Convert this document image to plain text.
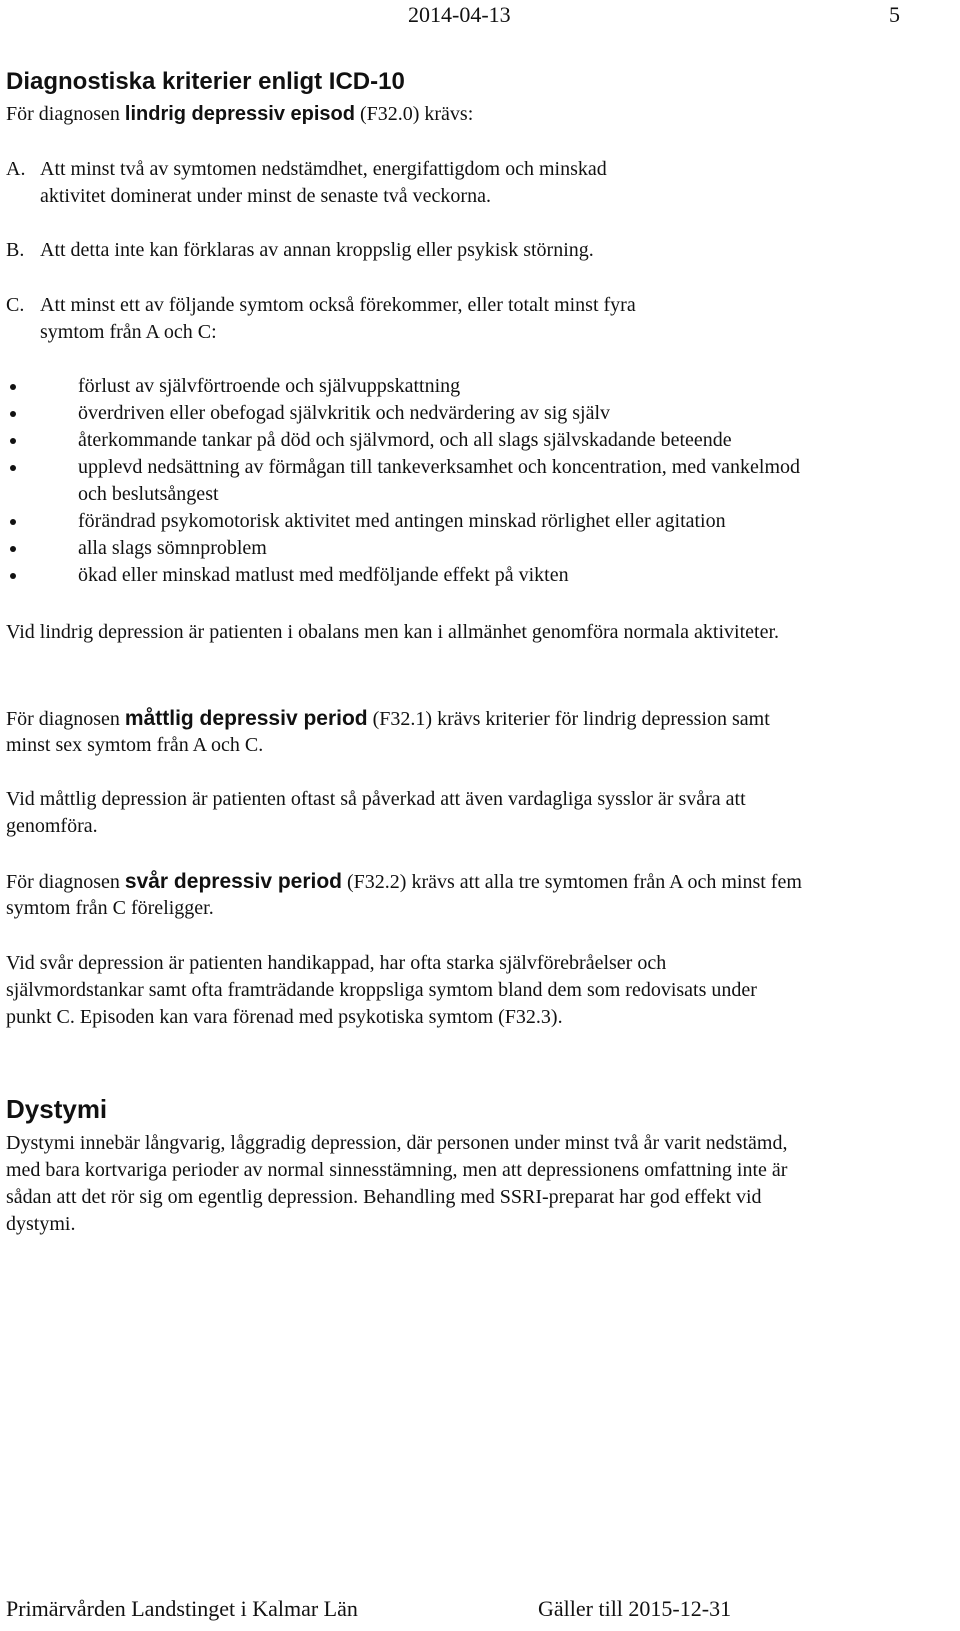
2014-04-13	5
Diagnostiska kriterier enligt ICD-10
För diagnosen lindrig depressiv episod (F32.0) krävs:
A. Att minst två av symtomen nedstämdhet, energifattigdom och minskad
aktivitet dominerat under minst de senaste två veckorna.
B. Att detta inte kan förklaras av annan kroppslig eller psykisk störning.
C. Att minst ett av följande symtom också förekommer, eller totalt minst fyra
symtom från A och C:
förlust av självförtroende och självuppskattning
överdriven eller obefogad självkritik och nedvärdering av sig själv
återkommande tankar på död och självmord, och all slags självskadande beteende
upplevd nedsättning av förmågan till tankeverksamhet och koncentration, med vankelmod
och beslutsångest
förändrad psykomotorisk aktivitet med antingen minskad rörlighet eller agitation
alla slags sömnproblem
ökad eller minskad matlust med medföljande effekt på vikten
Vid lindrig depression är patienten i obalans men kan i allmänhet genomföra normala aktiviteter.
För diagnosen måttlig depressiv period (F32.1) krävs kriterier för lindrig depression samt
minst sex symtom från A och C.
Vid måttlig depression är patienten oftast så påverkad att även vardagliga sysslor är svåra att
genomföra.
För diagnosen svår depressiv period (F32.2) krävs att alla tre symtomen från A och minst fem
symtom från C föreligger.
Vid svår depression är patienten handikappad, har ofta starka självförebråelser och
självmordstankar samt ofta framträdande kroppsliga symtom bland dem som redovisats under
punkt C. Episoden kan vara förenad med psykotiska symtom (F32.3).
Dystymi
Dystymi innebär långvarig, låggradig depression, där personen under minst två år varit nedstämd,
med bara kortvariga perioder av normal sinnesstämning, men att depressionens omfattning inte är
sådan att det rör sig om egentlig depression. Behandling med SSRI-preparat har god effekt vid
dystymi.
Primärvården Landstinget i Kalmar Län	Gäller till 2015-12-31
